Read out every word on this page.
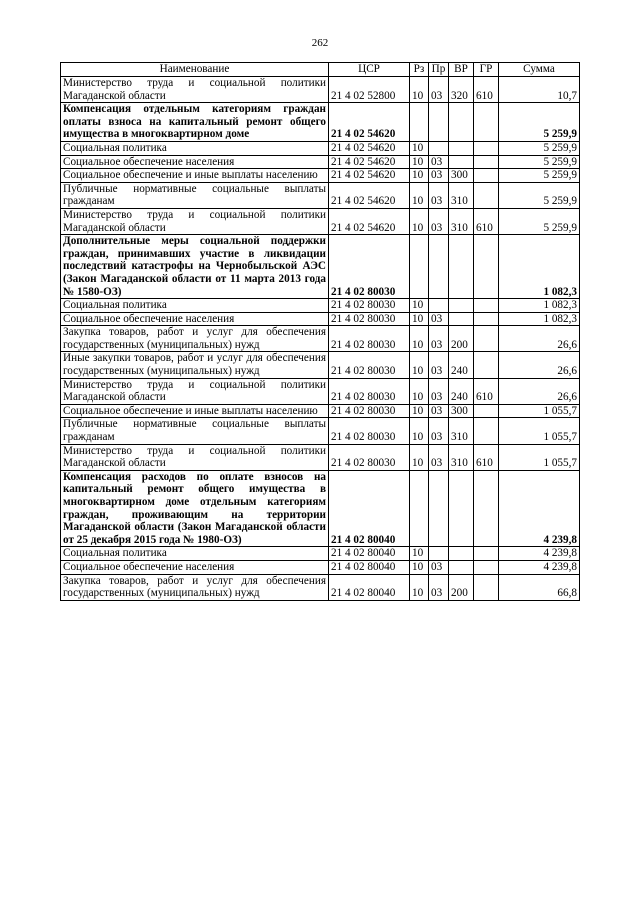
262
Наименование	ЦСР	Рз	Пр	ВР	ГР	Сумма
Министерство труда и социальной политики Магаданской области	21 4 02 52800	10	03	320	610	10,7
Компенсация отдельным категориям граждан оплаты взноса на капитальный ремонт общего имущества в многоквартирном доме	21 4 02 54620					5 259,9
Социальная политика	21 4 02 54620	10				5 259,9
Социальное обеспечение населения	21 4 02 54620	10	03			5 259,9
Социальное обеспечение и иные выплаты населению	21 4 02 54620	10	03	300		5 259,9
Публичные нормативные социальные выплаты гражданам	21 4 02 54620	10	03	310		5 259,9
Министерство труда и социальной политики Магаданской области	21 4 02 54620	10	03	310	610	5 259,9
Дополнительные меры социальной поддержки граждан, принимавших участие в ликвидации последствий катастрофы на Чернобыльской АЭС (Закон Магаданской области от 11 марта 2013 года № 1580-ОЗ)	21 4 02 80030					1 082,3
Социальная политика	21 4 02 80030	10				1 082,3
Социальное обеспечение населения	21 4 02 80030	10	03			1 082,3
Закупка товаров, работ и услуг для обеспечения государственных (муниципальных) нужд	21 4 02 80030	10	03	200		26,6
Иные закупки товаров, работ и услуг для обеспечения государственных (муниципальных) нужд	21 4 02 80030	10	03	240		26,6
Министерство труда и социальной политики Магаданской области	21 4 02 80030	10	03	240	610	26,6
Социальное обеспечение и иные выплаты населению	21 4 02 80030	10	03	300		1 055,7
Публичные нормативные социальные выплаты гражданам	21 4 02 80030	10	03	310		1 055,7
Министерство труда и социальной политики Магаданской области	21 4 02 80030	10	03	310	610	1 055,7
Компенсация расходов по оплате взносов на капитальный ремонт общего имущества в многоквартирном доме отдельным категориям граждан, проживающим на территории Магаданской области (Закон Магаданской области от 25 декабря 2015 года № 1980-ОЗ)	21 4 02 80040					4 239,8
Социальная политика	21 4 02 80040	10				4 239,8
Социальное обеспечение населения	21 4 02 80040	10	03			4 239,8
Закупка товаров, работ и услуг для обеспечения государственных (муниципальных) нужд	21 4 02 80040	10	03	200		66,8
